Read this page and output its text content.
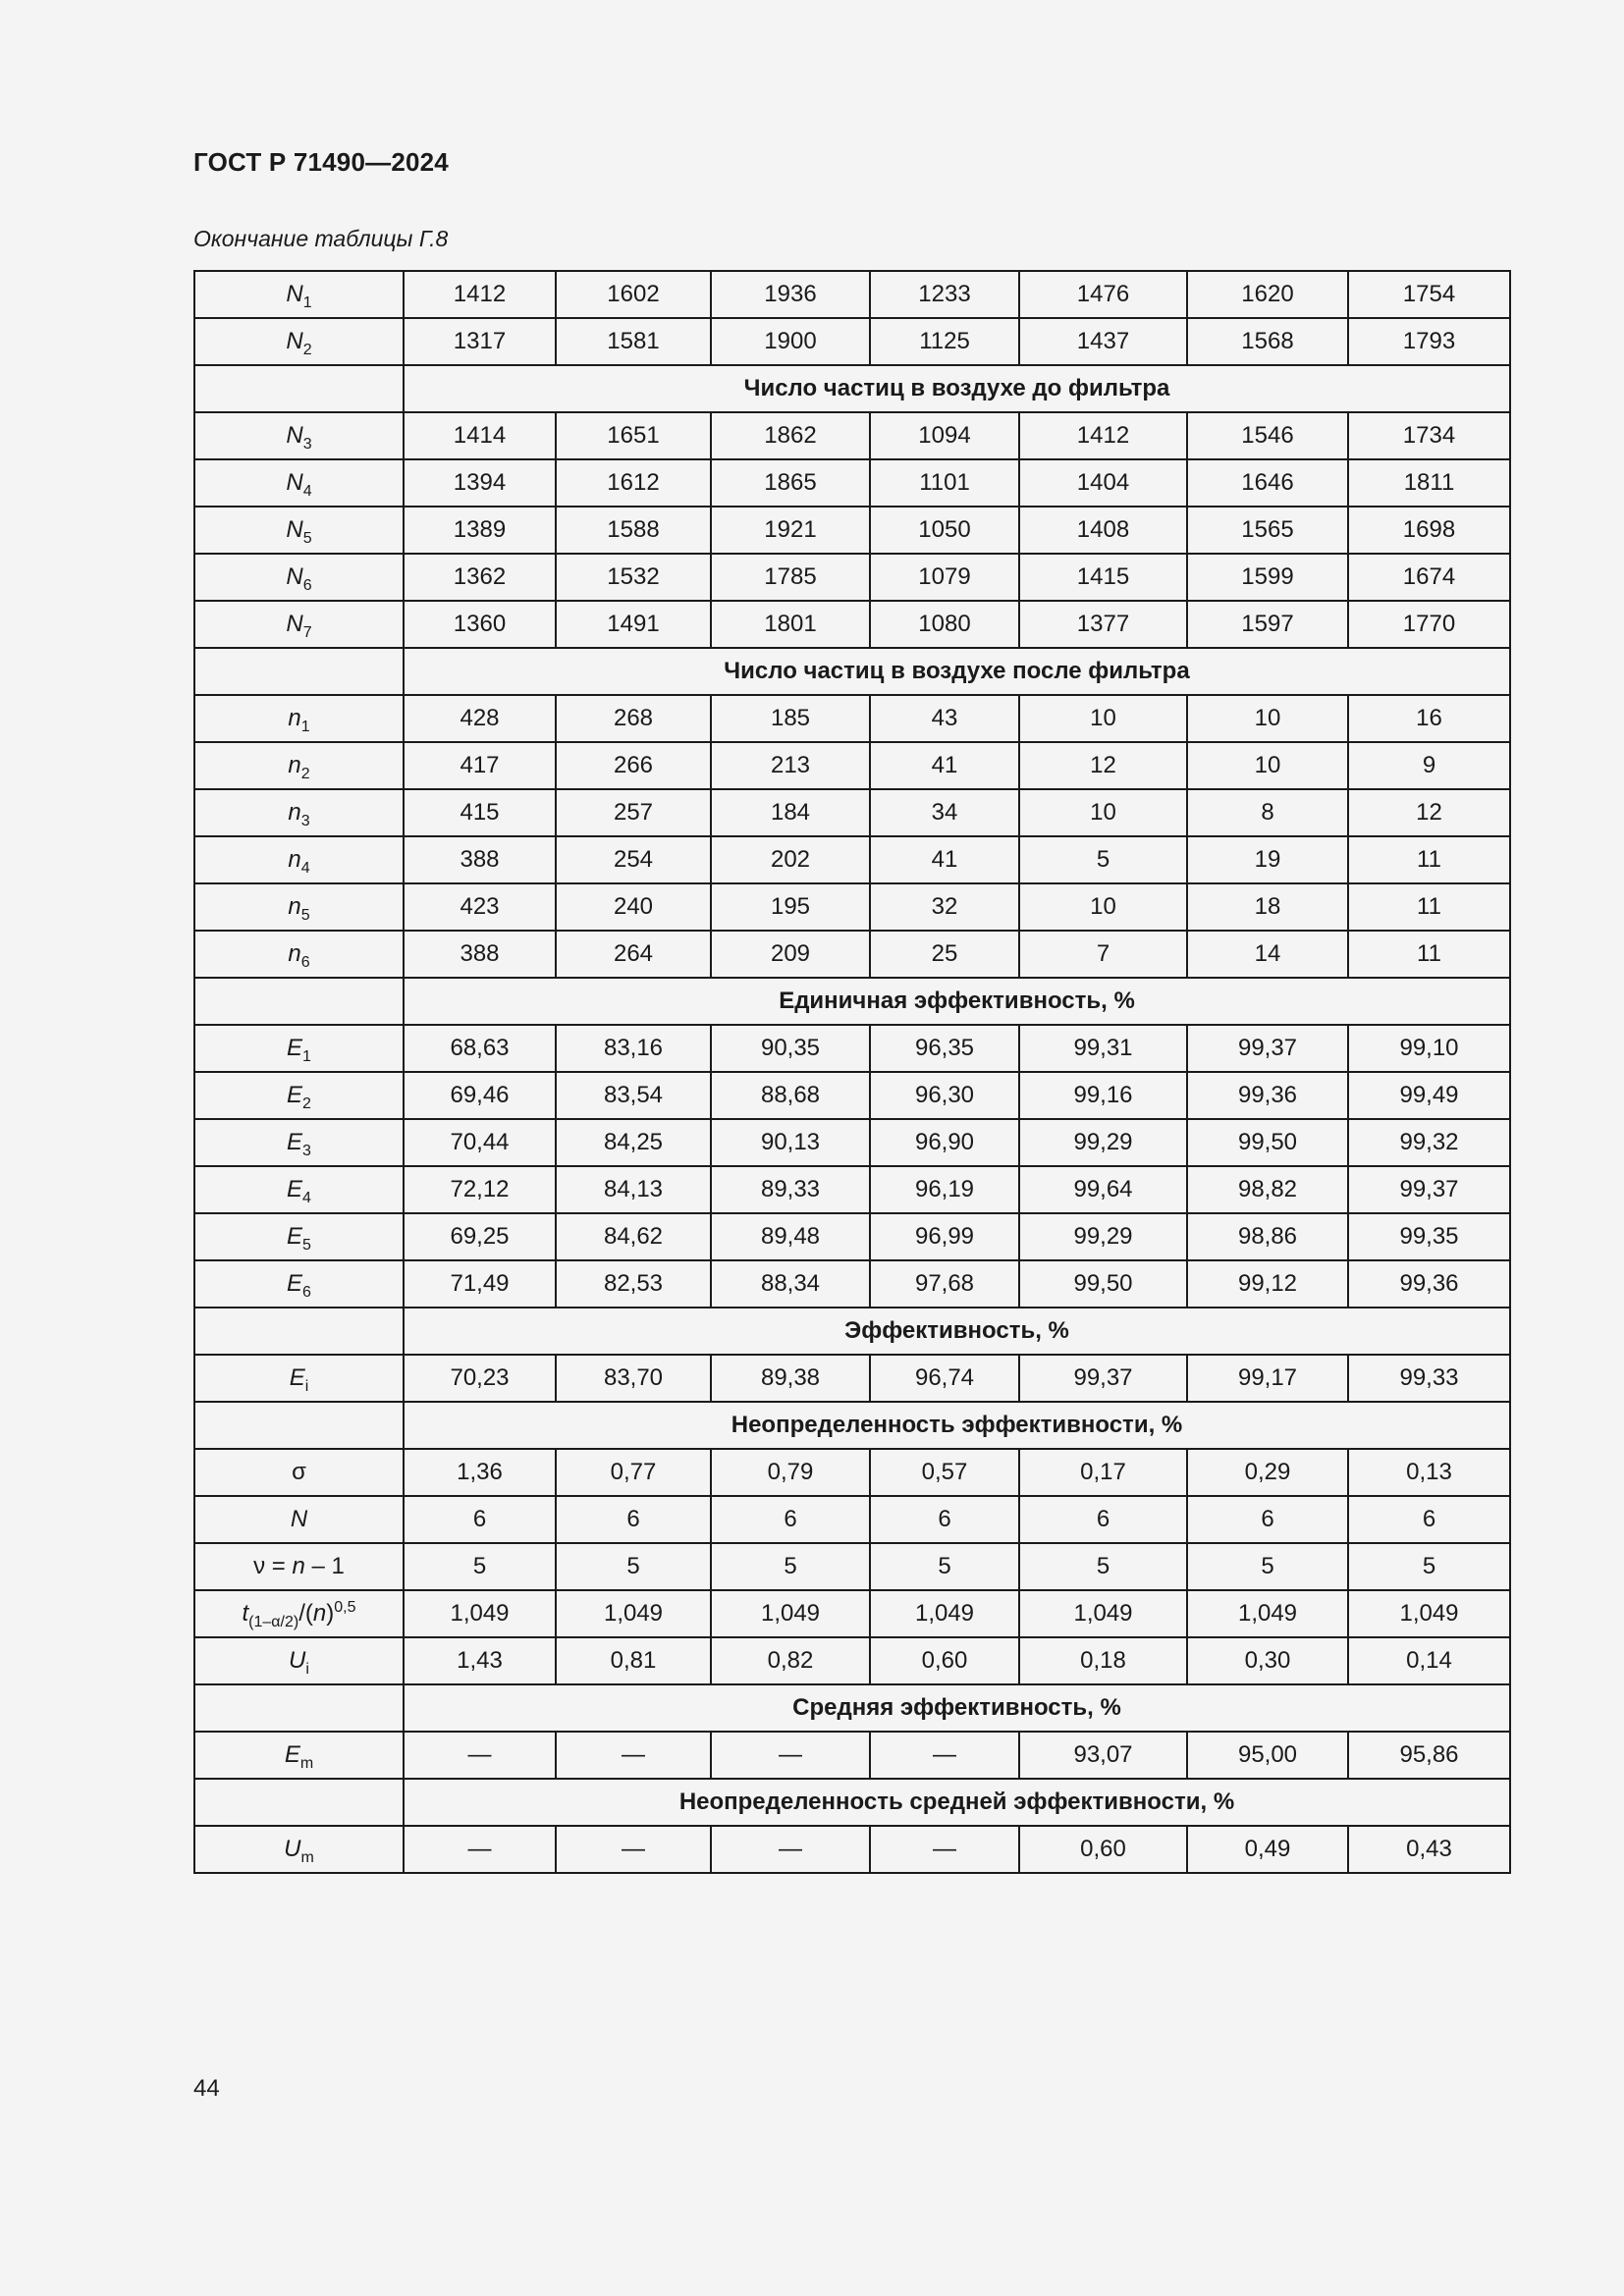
ГОСТ Р 71490—2024
Окончание таблицы Г.8
$N_1$	1412	1602	1936	1233	1476	1620	1754
$N_2$	1317	1581	1900	1125	1437	1568	1793
	Число частиц в воздухе до фильтра						
$N_3$	1414	1651	1862	1094	1412	1546	1734
$N_4$	1394	1612	1865	1101	1404	1646	1811
$N_5$	1389	1588	1921	1050	1408	1565	1698
$N_6$	1362	1532	1785	1079	1415	1599	1674
$N_7$	1360	1491	1801	1080	1377	1597	1770
	Число частиц в воздухе после фильтра						
$n_1$	428	268	185	43	10	10	16
$n_2$	417	266	213	41	12	10	9
$n_3$	415	257	184	34	10	8	12
$n_4$	388	254	202	41	5	19	11
$n_5$	423	240	195	32	10	18	11
$n_6$	388	264	209	25	7	14	11
	Единичная эффективность, %						
$E_1$	68,63	83,16	90,35	96,35	99,31	99,37	99,10
$E_2$	69,46	83,54	88,68	96,30	99,16	99,36	99,49
$E_3$	70,44	84,25	90,13	96,90	99,29	99,50	99,32
$E_4$	72,12	84,13	89,33	96,19	99,64	98,82	99,37
$E_5$	69,25	84,62	89,48	96,99	99,29	98,86	99,35
$E_6$	71,49	82,53	88,34	97,68	99,50	99,12	99,36
	Эффективность, %						
$E_i$	70,23	83,70	89,38	96,74	99,37	99,17	99,33
	Неопределенность эффективности, %						
σ	1,36	0,77	0,79	0,57	0,17	0,29	0,13
N	6	6	6	6	6	6	6
ν = n – 1	5	5	5	5	5	5	5
$t_{(1-\alpha/2)}/(n)^{0,5}$	1,049	1,049	1,049	1,049	1,049	1,049	1,049
$U_i$	1,43	0,81	0,82	0,60	0,18	0,30	0,14
	Средняя эффективность, %						
$E_m$	—	—	—	—	93,07	95,00	95,86
	Неопределенность средней эффективности, %						
$U_m$	—	—	—	—	0,60	0,49	0,43
44
